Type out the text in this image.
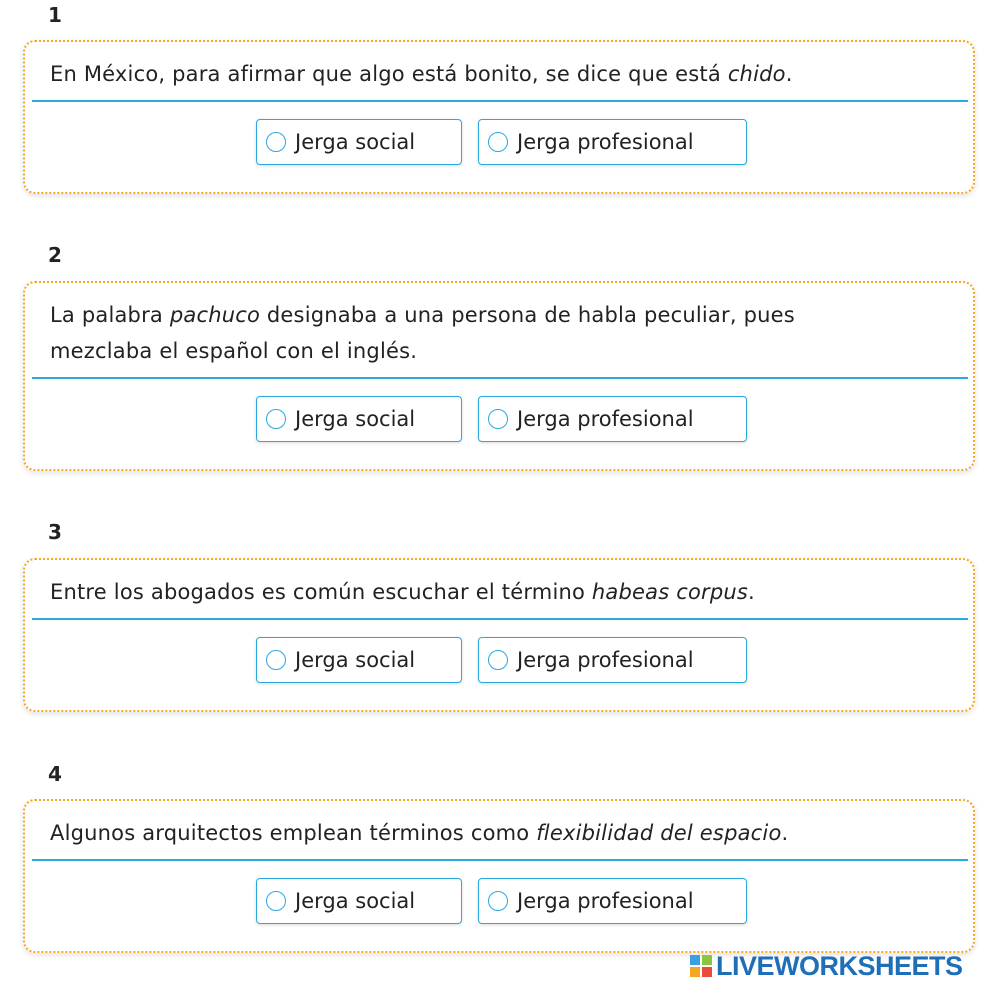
1
En México, para afirmar que algo está bonito, se dice que está chido.
Jerga social	Jerga profesional
2
La palabra pachuco designaba a una persona de habla peculiar, pues mezclaba el español con el inglés.
Jerga social	Jerga profesional
3
Entre los abogados es común escuchar el término habeas corpus.
Jerga social	Jerga profesional
4
Algunos arquitectos emplean términos como flexibilidad del espacio.
Jerga social	Jerga profesional
LIVEWORKSHEETS
